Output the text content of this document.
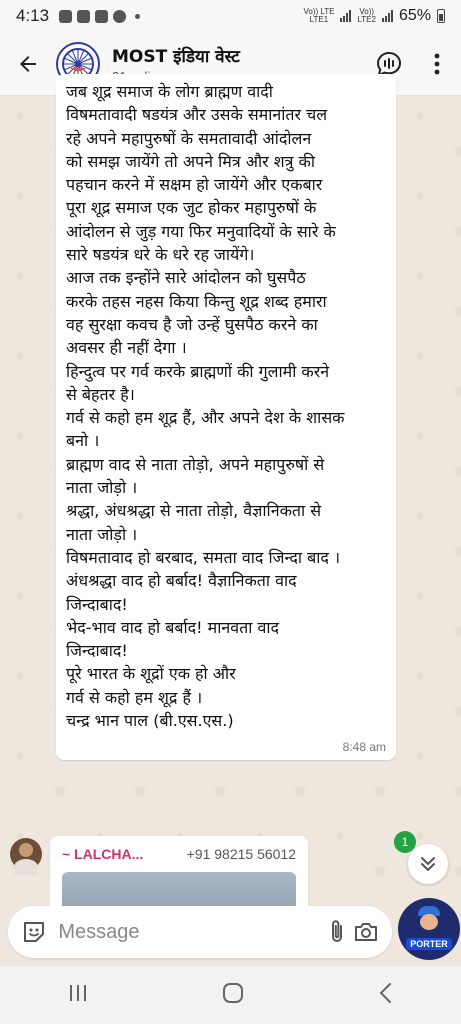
4:13	Vo)) LTE
LTE1
Vo))
LTE2 65%
MOST इंडिया वेस्ट
जब शूद्र समाज के लोग ब्राह्मण वादी
विषमतावादी षडयंत्र और उसके समानांतर चल
रहे अपने महापुरुषों के समतावादी आंदोलन
को समझ जायेंगे तो अपने मित्र और शत्रु की
पहचान करने में सक्षम हो जायेंगे और एकबार
पूरा शूद्र समाज एक जुट होकर महापुरुषों के
आंदोलन से जुड़ गया फिर मनुवादियों के सारे के
सारे षडयंत्र धरे के धरे रह जायेंगे।
आज तक इन्होंने सारे आंदोलन को घुसपैठ
करके तहस नहस किया किन्तु शूद्र शब्द हमारा
वह सुरक्षा कवच है जो उन्हें घुसपैठ करने का
अवसर ही नहीं देगा ।
हिन्दुत्व पर गर्व करके ब्राह्मणों की गुलामी करने
से बेहतर है।
गर्व से कहो हम शूद्र हैं, और अपने देश के शासक
बनो ।
ब्राह्मण वाद से नाता तोड़ो, अपने महापुरुषों से
नाता जोड़ो ।
श्रद्धा, अंधश्रद्धा से नाता तोड़ो, वैज्ञानिकता से
नाता जोड़ो ।
विषमतावाद हो बरबाद, समता वाद जिन्दा बाद ।
अंधश्रद्धा वाद हो बर्बाद! वैज्ञानिकता वाद
जिन्दाबाद!
भेद-भाव वाद हो बर्बाद! मानवता वाद
जिन्दाबाद!
पूरे भारत के शूद्रों एक हो और
गर्व से कहो हम शूद्र हैं ।
चन्द्र भान पाल (बी.एस.एस.)
8:48 am
~ LALCHA...	+91 98215 56012
1
Message
PORTER
